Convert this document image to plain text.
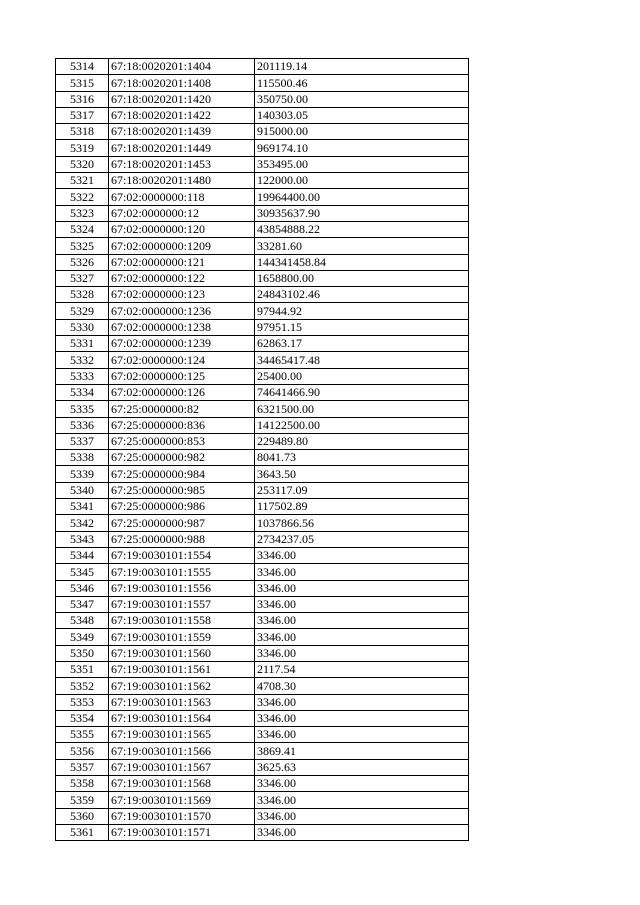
5314	67:18:0020201:1404	201119.14
5315	67:18:0020201:1408	115500.46
5316	67:18:0020201:1420	350750.00
5317	67:18:0020201:1422	140303.05
5318	67:18:0020201:1439	915000.00
5319	67:18:0020201:1449	969174.10
5320	67:18:0020201:1453	353495.00
5321	67:18:0020201:1480	122000.00
5322	67:02:0000000:118	19964400.00
5323	67:02:0000000:12	30935637.90
5324	67:02:0000000:120	43854888.22
5325	67:02:0000000:1209	33281.60
5326	67:02:0000000:121	144341458.84
5327	67:02:0000000:122	1658800.00
5328	67:02:0000000:123	24843102.46
5329	67:02:0000000:1236	97944.92
5330	67:02:0000000:1238	97951.15
5331	67:02:0000000:1239	62863.17
5332	67:02:0000000:124	34465417.48
5333	67:02:0000000:125	25400.00
5334	67:02:0000000:126	74641466.90
5335	67:25:0000000:82	6321500.00
5336	67:25:0000000:836	14122500.00
5337	67:25:0000000:853	229489.80
5338	67:25:0000000:982	8041.73
5339	67:25:0000000:984	3643.50
5340	67:25:0000000:985	253117.09
5341	67:25:0000000:986	117502.89
5342	67:25:0000000:987	1037866.56
5343	67:25:0000000:988	2734237.05
5344	67:19:0030101:1554	3346.00
5345	67:19:0030101:1555	3346.00
5346	67:19:0030101:1556	3346.00
5347	67:19:0030101:1557	3346.00
5348	67:19:0030101:1558	3346.00
5349	67:19:0030101:1559	3346.00
5350	67:19:0030101:1560	3346.00
5351	67:19:0030101:1561	2117.54
5352	67:19:0030101:1562	4708.30
5353	67:19:0030101:1563	3346.00
5354	67:19:0030101:1564	3346.00
5355	67:19:0030101:1565	3346.00
5356	67:19:0030101:1566	3869.41
5357	67:19:0030101:1567	3625.63
5358	67:19:0030101:1568	3346.00
5359	67:19:0030101:1569	3346.00
5360	67:19:0030101:1570	3346.00
5361	67:19:0030101:1571	3346.00
